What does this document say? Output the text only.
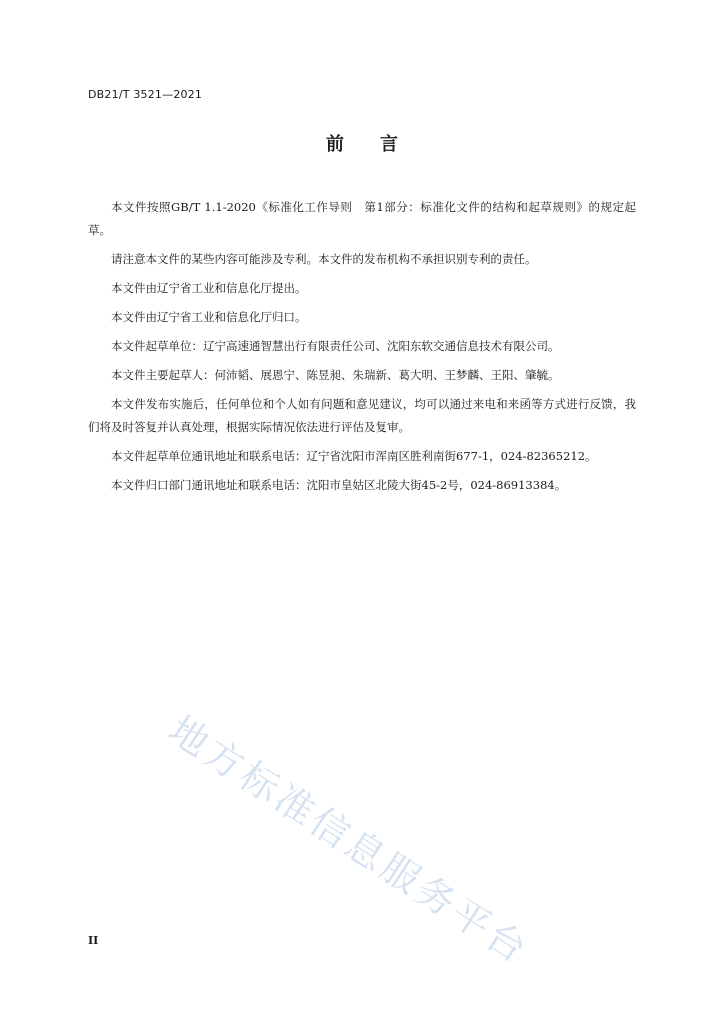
DB21/T 3521—2021
前 言

本文件按照GB/T 1.1-2020《标准化工作导则　第1部分：标准化文件的结构和起草规则》的规定起草。

请注意本文件的某些内容可能涉及专利。本文件的发布机构不承担识别专利的责任。

本文件由辽宁省工业和信息化厅提出。

本文件由辽宁省工业和信息化厅归口。

本文件起草单位：辽宁高速通智慧出行有限责任公司、沈阳东软交通信息技术有限公司。

本文件主要起草人：何沛韬、展恩宁、陈昱昶、朱瑞新、葛大明、王梦麟、王阳、肇毓。

本文件发布实施后，任何单位和个人如有问题和意见建议，均可以通过来电和来函等方式进行反馈，我们将及时答复并认真处理，根据实际情况依法进行评估及复审。

本文件起草单位通讯地址和联系电话：辽宁省沈阳市浑南区胜利南街677-1，024-82365212。

本文件归口部门通讯地址和联系电话：沈阳市皇姑区北陵大街45-2号，024-86913384。

地方标准信息服务平台
II
